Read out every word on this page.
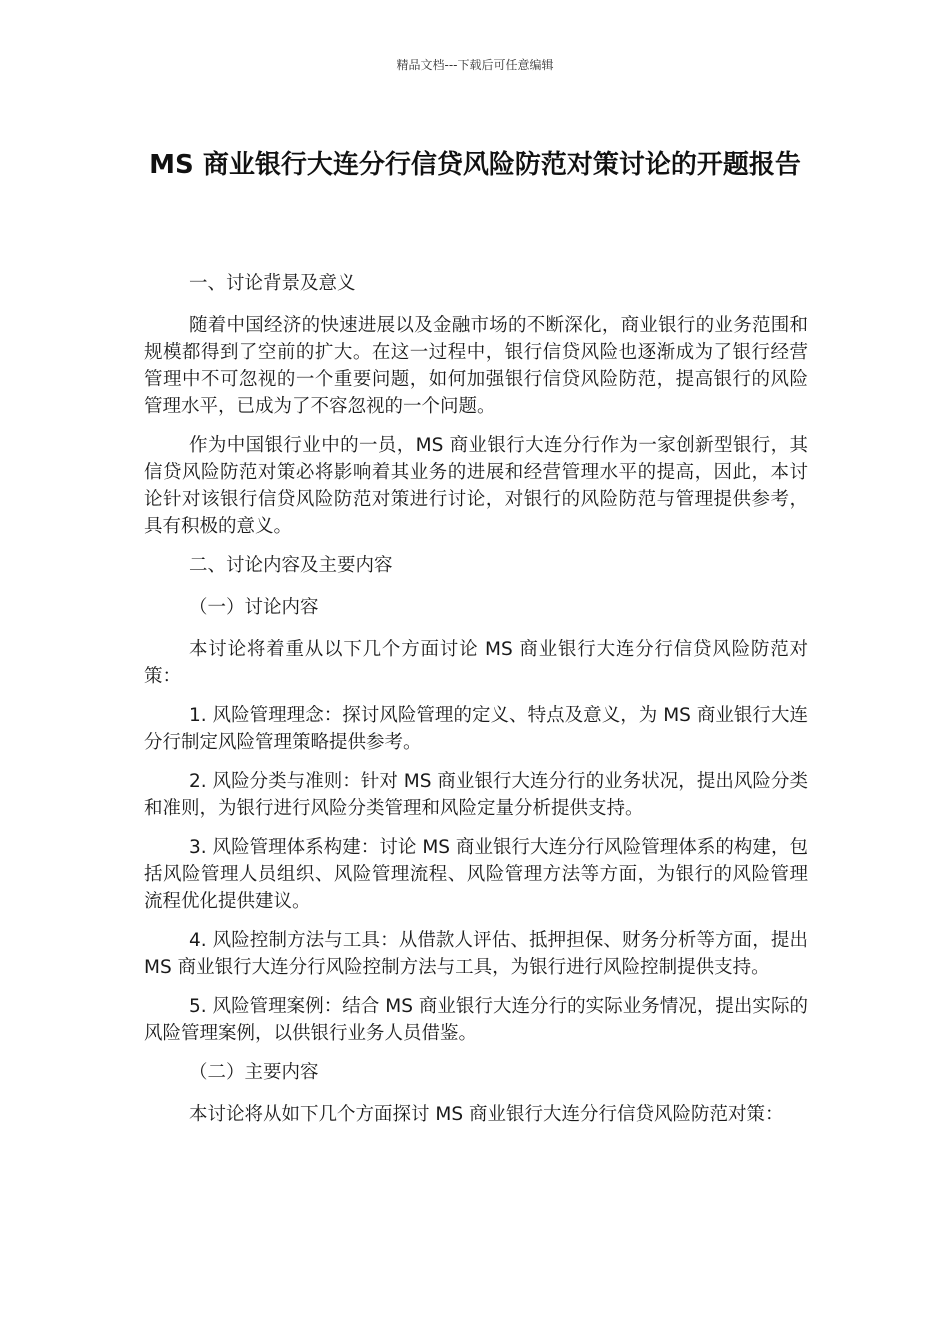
精品文档---下载后可任意编辑
MS 商业银行大连分行信贷风险防范对策讨论的开题报告
一、讨论背景及意义

随着中国经济的快速进展以及金融市场的不断深化，商业银行的业务范围和规模都得到了空前的扩大。在这一过程中，银行信贷风险也逐渐成为了银行经营管理中不可忽视的一个重要问题，如何加强银行信贷风险防范，提高银行的风险管理水平，已成为了不容忽视的一个问题。

作为中国银行业中的一员，MS 商业银行大连分行作为一家创新型银行，其信贷风险防范对策必将影响着其业务的进展和经营管理水平的提高，因此，本讨论针对该银行信贷风险防范对策进行讨论，对银行的风险防范与管理提供参考，具有积极的意义。

二、讨论内容及主要内容
（一）讨论内容

本讨论将着重从以下几个方面讨论 MS 商业银行大连分行信贷风险防范对策：

1. 风险管理理念：探讨风险管理的定义、特点及意义，为 MS 商业银行大连分行制定风险管理策略提供参考。

2. 风险分类与准则：针对 MS 商业银行大连分行的业务状况，提出风险分类和准则，为银行进行风险分类管理和风险定量分析提供支持。

3. 风险管理体系构建：讨论 MS 商业银行大连分行风险管理体系的构建，包括风险管理人员组织、风险管理流程、风险管理方法等方面，为银行的风险管理流程优化提供建议。

4. 风险控制方法与工具：从借款人评估、抵押担保、财务分析等方面，提出 MS 商业银行大连分行风险控制方法与工具，为银行进行风险控制提供支持。

5. 风险管理案例：结合 MS 商业银行大连分行的实际业务情况，提出实际的风险管理案例，以供银行业务人员借鉴。

（二）主要内容

本讨论将从如下几个方面探讨 MS 商业银行大连分行信贷风险防范对策：
